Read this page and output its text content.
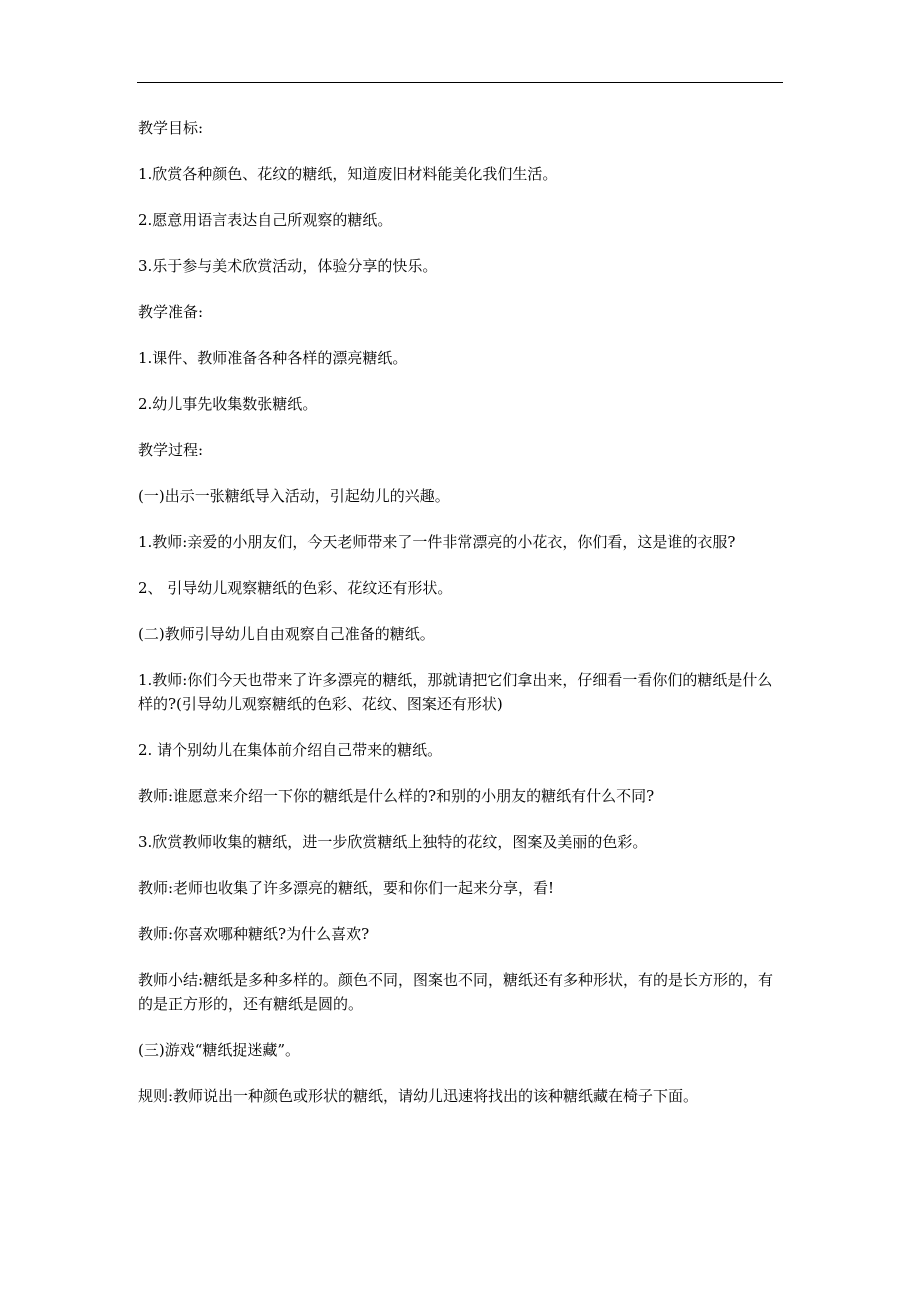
教学目标:

1.欣赏各种颜色、花纹的糖纸，知道废旧材料能美化我们生活。

2.愿意用语言表达自己所观察的糖纸。

3.乐于参与美术欣赏活动，体验分享的快乐。

教学准备:

1.课件、教师准备各种各样的漂亮糖纸。

2.幼儿事先收集数张糖纸。

教学过程:

(一)出示一张糖纸导入活动，引起幼儿的兴趣。

1.教师:亲爱的小朋友们，今天老师带来了一件非常漂亮的小花衣，你们看，这是谁的衣服?

2、 引导幼儿观察糖纸的色彩、花纹还有形状。

(二)教师引导幼儿自由观察自己准备的糖纸。

1.教师:你们今天也带来了许多漂亮的糖纸，那就请把它们拿出来，仔细看一看你们的糖纸是什么样的?(引导幼儿观察糖纸的色彩、花纹、图案还有形状)

2. 请个别幼儿在集体前介绍自己带来的糖纸。

教师:谁愿意来介绍一下你的糖纸是什么样的?和别的小朋友的糖纸有什么不同?

3.欣赏教师收集的糖纸，进一步欣赏糖纸上独特的花纹，图案及美丽的色彩。

教师:老师也收集了许多漂亮的糖纸，要和你们一起来分享，看!

教师:你喜欢哪种糖纸?为什么喜欢?

教师小结:糖纸是多种多样的。颜色不同，图案也不同，糖纸还有多种形状，有的是长方形的，有的是正方形的，还有糖纸是圆的。

(三)游戏“糖纸捉迷藏”。

规则:教师说出一种颜色或形状的糖纸，请幼儿迅速将找出的该种糖纸藏在椅子下面。
